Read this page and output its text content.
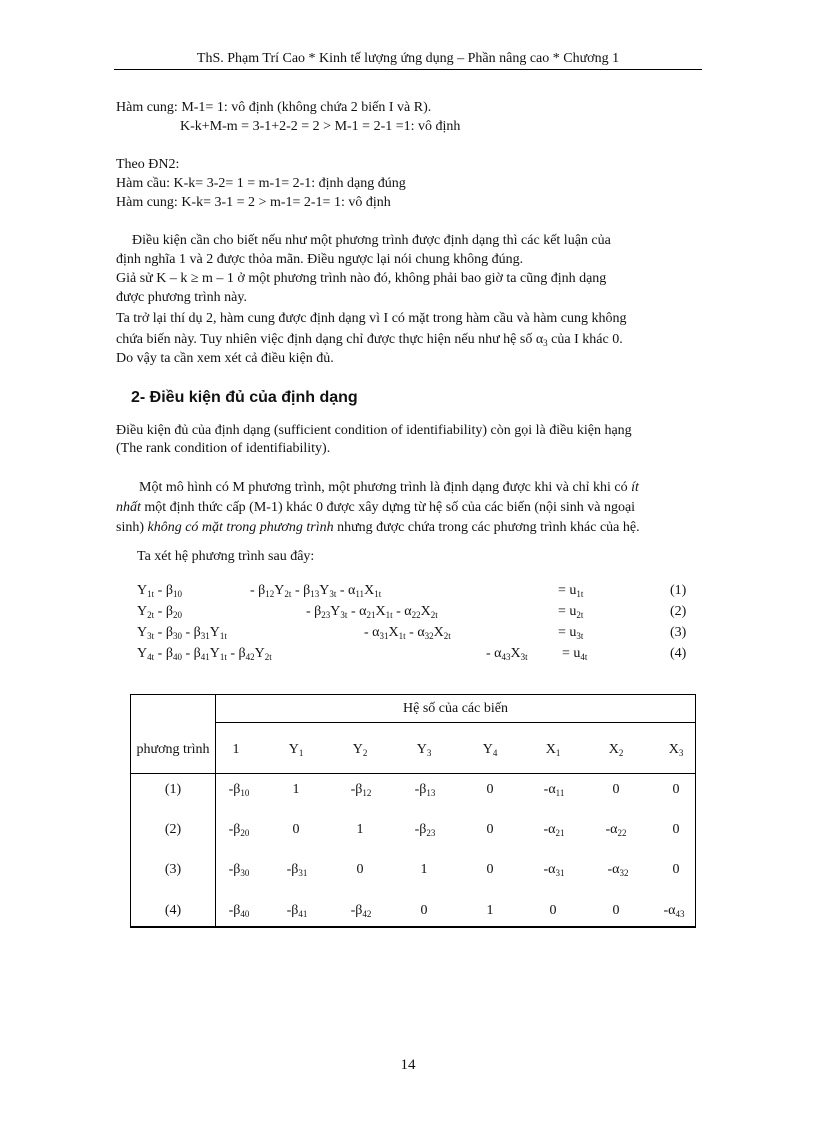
ThS. Phạm Trí Cao * Kinh tế lượng ứng dụng – Phần nâng cao * Chương 1
Hàm cung: M-1= 1: vô định (không chứa 2 biến I và R).
K-k+M-m = 3-1+2-2 = 2 > M-1 = 2-1 =1: vô định
Theo ĐN2:
Hàm cầu: K-k= 3-2= 1 = m-1= 2-1: định dạng đúng
Hàm cung: K-k= 3-1 = 2 > m-1= 2-1= 1: vô định
Điều kiện cần cho biết nếu như một phương trình được định dạng thì các kết luận của
định nghĩa 1 và 2 được thỏa mãn. Điều ngược lại nói chung không đúng.
Giả sử K – k ≥ m – 1 ở một phương trình nào đó, không phải bao giờ ta cũng định dạng
được phương trình này.
Ta trở lại thí dụ 2, hàm cung được định dạng vì I có mặt trong hàm cầu và hàm cung không
chứa biến này. Tuy nhiên việc định dạng chỉ được thực hiện nếu như hệ số $\alpha_3$ của I khác 0.
Do vậy ta cần xem xét cả điều kiện đủ.
2- Điều kiện đủ của định dạng
Điều kiện đủ của định dạng (sufficient condition of identifiability) còn gọi là điều kiện hạng
(The rank condition of identifiability).
Một mô hình có M phương trình, một phương trình là định dạng được khi và chỉ khi có ít
nhất một định thức cấp (M-1) khác 0 được xây dựng từ hệ số của các biến (nội sinh và ngoại
sinh) không có mặt trong phương trình nhưng được chứa trong các phương trình khác của hệ.
Ta xét hệ phương trình sau đây:
$Y_{1t} - \beta_{10}$	- $\beta_{12}Y_{2t} - \beta_{13}Y_{3t} - \alpha_{11}X_{1t}$	= $u_{1t}$	(1)
$Y_{2t} - \beta_{20}$	- $\beta_{23}Y_{3t} - \alpha_{21}X_{1t} - \alpha_{22}X_{2t}$	= $u_{2t}$	(2)
$Y_{3t} - \beta_{30} - \beta_{31}Y_{1t}$	- $\alpha_{31}X_{1t} - \alpha_{32}X_{2t}$	= $u_{3t}$	(3)
$Y_{4t} - \beta_{40} - \beta_{41}Y_{1t} - \beta_{42}Y_{2t}$	- $\alpha_{43}X_{3t} = u_{4t}$	(4)
Hệ số của các biến
phương trình	1	$Y_1$	$Y_2$	$Y_3$	$Y_4$	$X_1$	$X_2$	$X_3$
(1)	$-\beta_{10}$	1	$-\beta_{12}$	$-\beta_{13}$	0	$-\alpha_{11}$	0	0
(2)	$-\beta_{20}$	0	1	$-\beta_{23}$	0	$-\alpha_{21}$	$-\alpha_{22}$	0
(3)	$-\beta_{30}$	$-\beta_{31}$	0	1	0	$-\alpha_{31}$	$-\alpha_{32}$	0
(4)	$-\beta_{40}$	$-\beta_{41}$	$-\beta_{42}$	0	1	0	0	$-\alpha_{43}$
14
